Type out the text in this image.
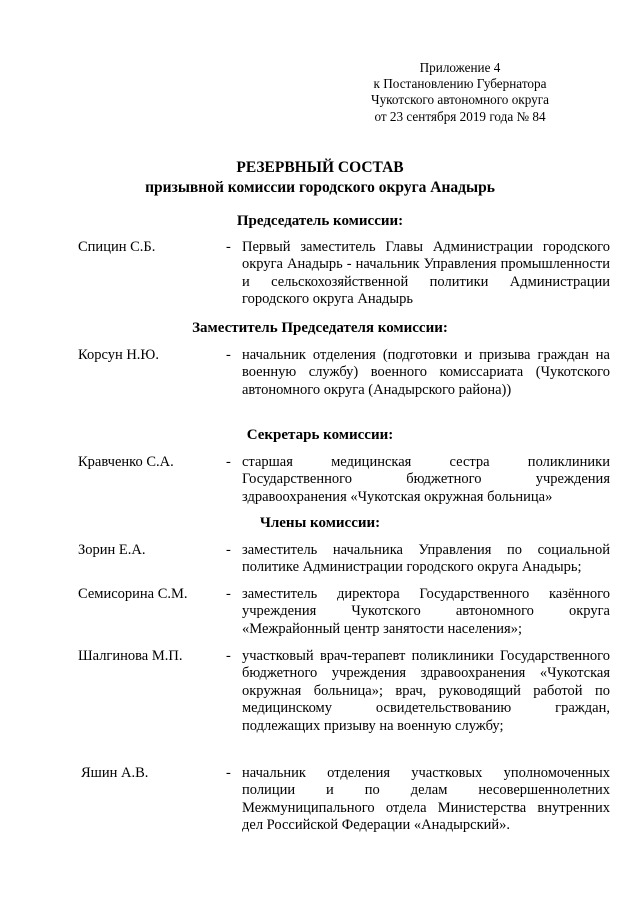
Приложение 4
к Постановлению Губернатора
Чукотского автономного округа
от 23 сентября 2019 года № 84
РЕЗЕРВНЫЙ СОСТАВ
призывной комиссии городского округа Анадырь
Председатель комиссии:
Спицин С.Б.	- Первый заместитель Главы Администрации городского округа Анадырь - начальник Управления промышленности и сельскохозяйственной политики Администрации городского округа Анадырь
Заместитель Председателя комиссии:
Корсун Н.Ю.	- начальник отделения (подготовки и призыва граждан на военную службу) военного комиссариата (Чукотского автономного округа (Анадырского района))
Секретарь комиссии:
Кравченко С.А.	- старшая медицинская сестра поликлиники Государственного бюджетного учреждения здравоохранения «Чукотская окружная больница»
Члены комиссии:
Зорин Е.А.	- заместитель начальника Управления по социальной политике Администрации городского округа Анадырь;
Семисорина С.М.	- заместитель директора Государственного казённого учреждения Чукотского автономного округа «Межрайонный центр занятости населения»;
Шалгинова М.П.	- участковый врач-терапевт поликлиники Государственного бюджетного учреждения здравоохранения «Чукотская окружная больница»; врач, руководящий работой по медицинскому освидетельствованию граждан, подлежащих призыву на военную службу;
Яшин А.В.	- начальник отделения участковых уполномоченных полиции и по делам несовершеннолетних Межмуниципального отдела Министерства внутренних дел Российской Федерации «Анадырский».
